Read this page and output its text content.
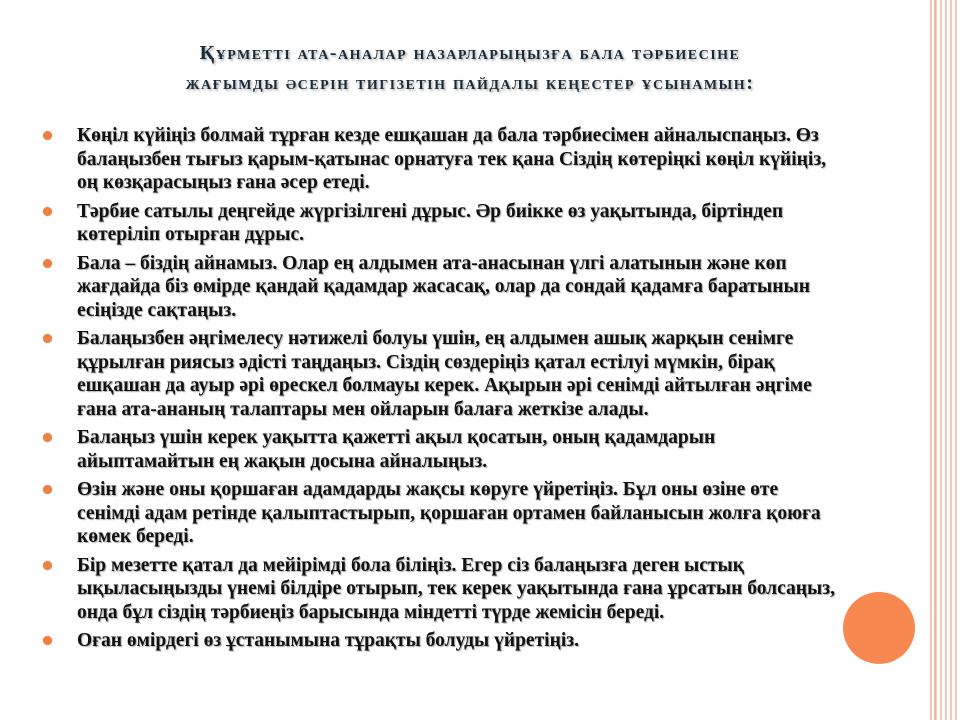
Құрметті ата-аналар назарларыңызға бала тәрбиесіне
жағымды әсерін тигізетін пайдалы кеңестер ұсынамын:
Көңіл күйіңіз болмай тұрған кезде ешқашан да бала тәрбиесімен айналыспаңыз. Өз балаңызбен тығыз қарым-қатынас орнатуға тек қана Сіздің көтеріңкі көңіл күйіңіз, оң көзқарасыңыз ғана әсер етеді.
Тәрбие сатылы деңгейде жүргізілгені дұрыс. Әр биікке өз уақытында, біртіндеп көтеріліп отырған дұрыс.
Бала – біздің айнамыз. Олар ең алдымен ата-анасынан үлгі алатынын және көп жағдайда біз өмірде қандай қадамдар жасасақ, олар да сондай қадамға баратынын есіңізде сақтаңыз.
Балаңызбен әңгімелесу нәтижелі болуы үшін, ең алдымен ашық жарқын сенімге құрылған риясыз әдісті таңдаңыз. Сіздің сөздеріңіз қатал естілуі мүмкін, бірақ ешқашан да ауыр әрі өрескел болмауы керек. Ақырын әрі сенімді айтылған әңгіме ғана ата-ананың талаптары мен ойларын балаға жеткізе алады.
Балаңыз үшін керек уақытта қажетті ақыл қосатын, оның қадамдарын айыптамайтын ең жақын досына айналыңыз.
Өзін және оны қоршаған адамдарды жақсы көруге үйретіңіз. Бұл оны өзіне өте сенімді адам ретінде қалыптастырып, қоршаған ортамен байланысын жолға қоюға көмек береді.
Бір мезетте қатал да мейірімді бола біліңіз. Егер сіз балаңызға деген ыстық ықыласыңызды үнемі білдіре отырып, тек керек уақытында ғана ұрсатын болсаңыз, онда бұл сіздің тәрбиеңіз барысында міндетті түрде жемісін береді.
Оған өмірдегі өз ұстанымына тұрақты болуды үйретіңіз.
